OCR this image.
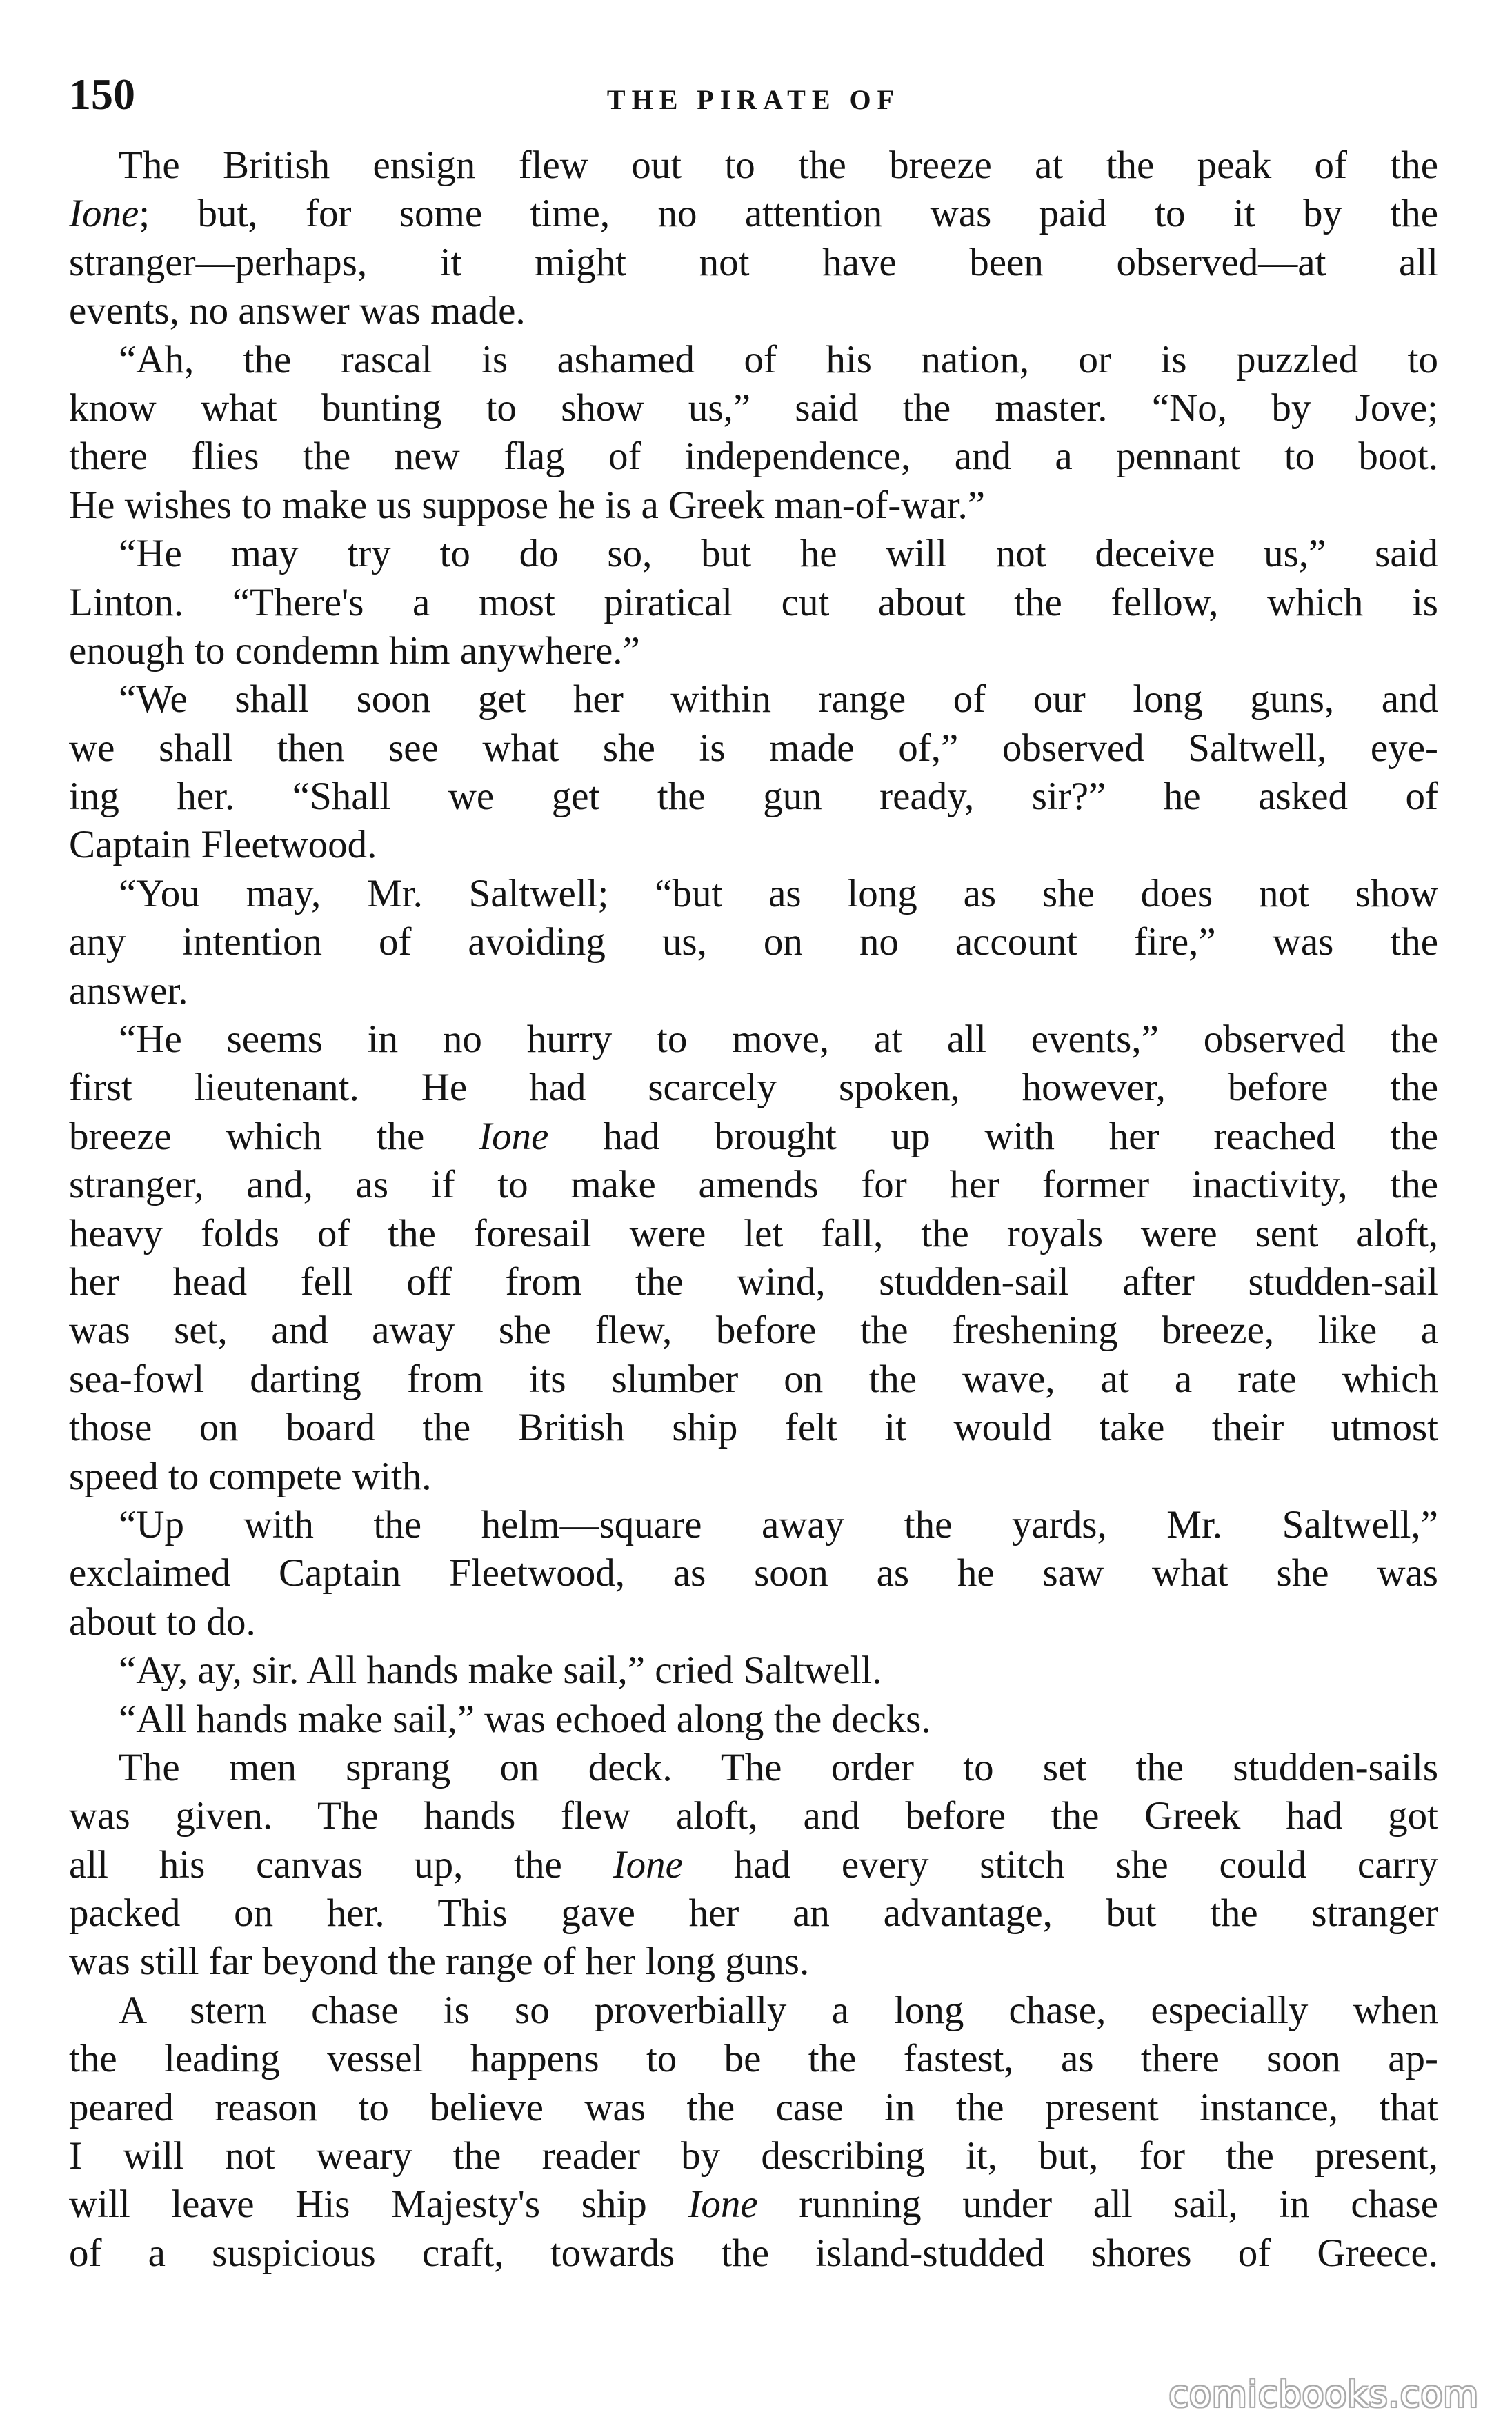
150	THE PIRATE OF
The British ensign flew out to the breeze at the peak of the
Ione; but, for some time, no attention was paid to it by the
stranger—perhaps, it might not have been observed—at all
events, no answer was made.
“Ah, the rascal is ashamed of his nation, or is puzzled to
know what bunting to show us,” said the master. “No, by Jove;
there flies the new flag of independence, and a pennant to boot.
He wishes to make us suppose he is a Greek man-of-war.”
“He may try to do so, but he will not deceive us,” said
Linton. “There's a most piratical cut about the fellow, which is
enough to condemn him anywhere.”
“We shall soon get her within range of our long guns, and
we shall then see what she is made of,” observed Saltwell, eye-
ing her. “Shall we get the gun ready, sir?” he asked of
Captain Fleetwood.
“You may, Mr. Saltwell; “but as long as she does not show
any intention of avoiding us, on no account fire,” was the
answer.
“He seems in no hurry to move, at all events,” observed the
first lieutenant. He had scarcely spoken, however, before the
breeze which the Ione had brought up with her reached the
stranger, and, as if to make amends for her former inactivity, the
heavy folds of the foresail were let fall, the royals were sent aloft,
her head fell off from the wind, studden-sail after studden-sail
was set, and away she flew, before the freshening breeze, like a
sea-fowl darting from its slumber on the wave, at a rate which
those on board the British ship felt it would take their utmost
speed to compete with.
“Up with the helm—square away the yards, Mr. Saltwell,”
exclaimed Captain Fleetwood, as soon as he saw what she was
about to do.
“Ay, ay, sir. All hands make sail,” cried Saltwell.
“All hands make sail,” was echoed along the decks.
The men sprang on deck. The order to set the studden-sails
was given. The hands flew aloft, and before the Greek had got
all his canvas up, the Ione had every stitch she could carry
packed on her. This gave her an advantage, but the stranger
was still far beyond the range of her long guns.
A stern chase is so proverbially a long chase, especially when
the leading vessel happens to be the fastest, as there soon ap-
peared reason to believe was the case in the present instance, that
I will not weary the reader by describing it, but, for the present,
will leave His Majesty's ship Ione running under all sail, in chase
of a suspicious craft, towards the island-studded shores of Greece.
comicbooks.com
